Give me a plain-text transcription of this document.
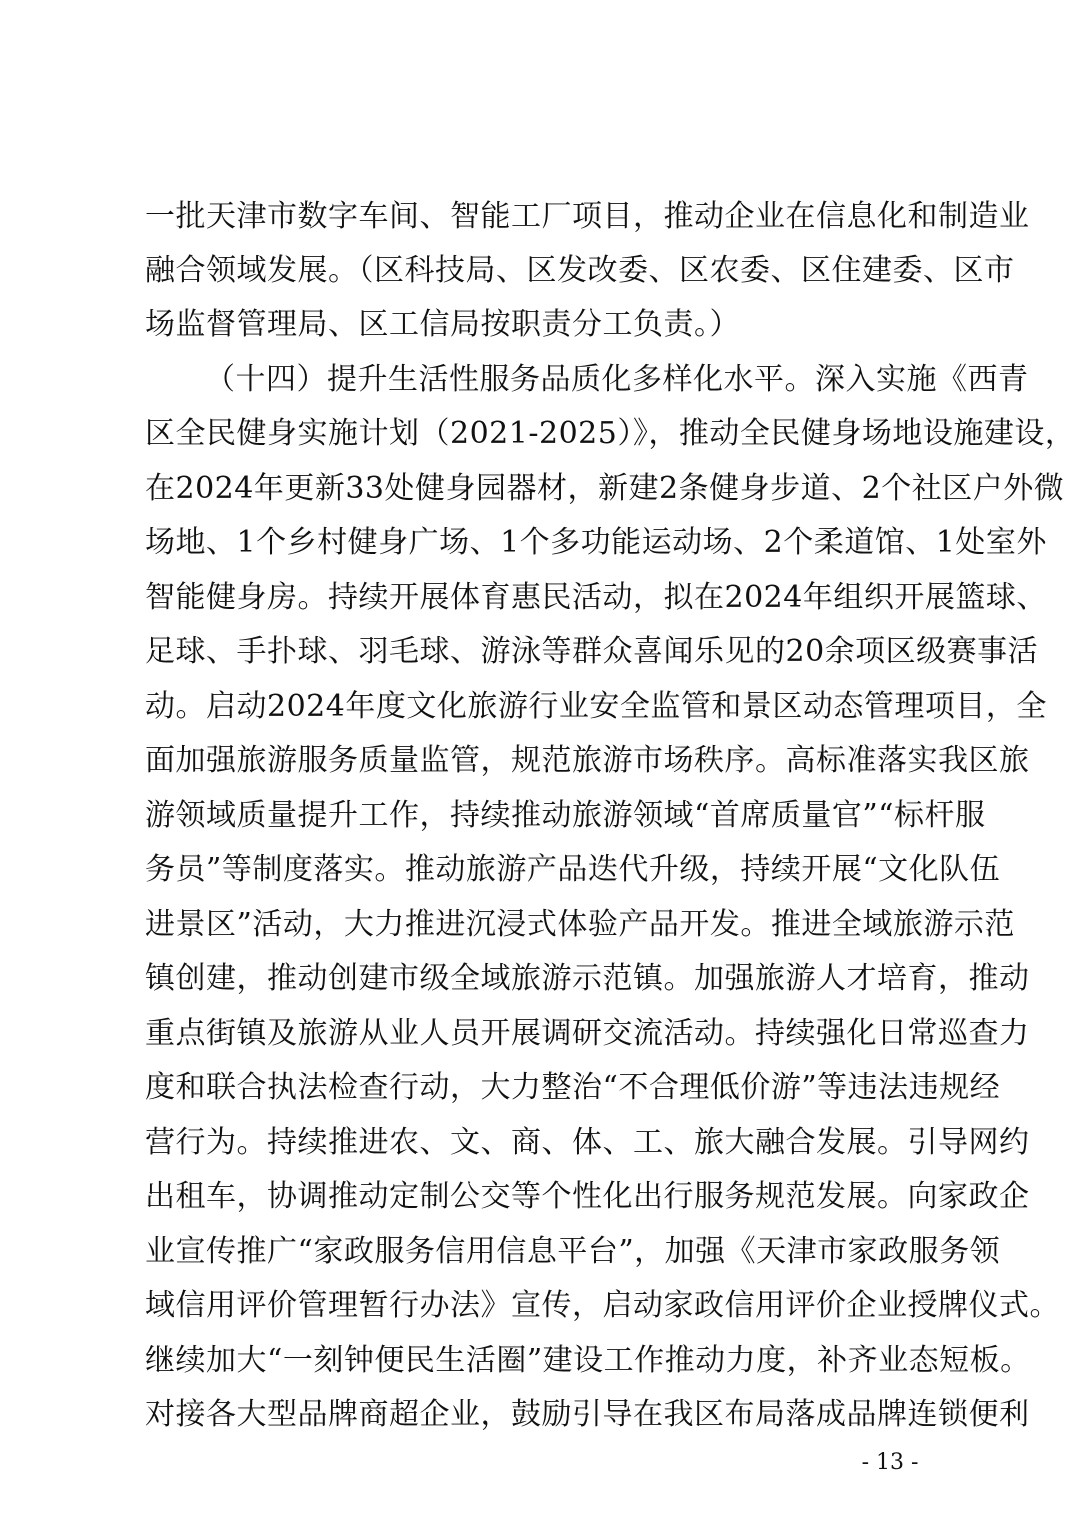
一批天津市数字车间、智能工厂项目，推动企业在信息化和制造业
融合领域发展。（区科技局、区发改委、区农委、区住建委、区市
场监督管理局、区工信局按职责分工负责。）
（十四）提升生活性服务品质化多样化水平。深入实施《西青
区全民健身实施计划（2021-2025）》，推动全民健身场地设施建设，
在2024年更新33处健身园器材，新建2条健身步道、2个社区户外微
场地、1个乡村健身广场、1个多功能运动场、2个柔道馆、1处室外
智能健身房。持续开展体育惠民活动，拟在2024年组织开展篮球、
足球、手扑球、羽毛球、游泳等群众喜闻乐见的20余项区级赛事活
动。启动2024年度文化旅游行业安全监管和景区动态管理项目，全
面加强旅游服务质量监管，规范旅游市场秩序。高标准落实我区旅
游领域质量提升工作，持续推动旅游领域“首席质量官”“标杆服
务员”等制度落实。推动旅游产品迭代升级，持续开展“文化队伍
进景区”活动，大力推进沉浸式体验产品开发。推进全域旅游示范
镇创建，推动创建市级全域旅游示范镇。加强旅游人才培育，推动
重点街镇及旅游从业人员开展调研交流活动。持续强化日常巡查力
度和联合执法检查行动，大力整治“不合理低价游”等违法违规经
营行为。持续推进农、文、商、体、工、旅大融合发展。引导网约
出租车，协调推动定制公交等个性化出行服务规范发展。向家政企
业宣传推广“家政服务信用信息平台”，加强《天津市家政服务领
域信用评价管理暂行办法》宣传，启动家政信用评价企业授牌仪式。
继续加大“一刻钟便民生活圈”建设工作推动力度，补齐业态短板。
对接各大型品牌商超企业，鼓励引导在我区布局落成品牌连锁便利
- 13 -
